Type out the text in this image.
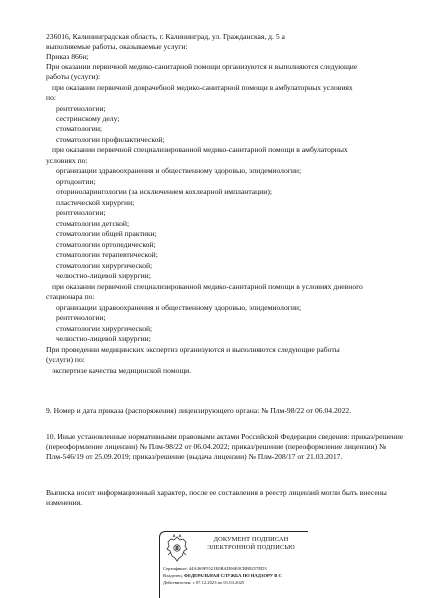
236016, Калининградская область, г. Калининград, ул. Гражданская, д. 5 а
выполняемые работы, оказываемые услуги:
Приказ 866н;
При оказании первичной медико-санитарной помощи организуются и выполняются следующие
работы (услуги):
при оказании первичной доврачебной медико-санитарной помощи в амбулаторных условиях
по:
рентгенологии;
сестринскому делу;
стоматологии;
стоматологии профилактической;
при оказании первичной специализированной медико-санитарной помощи в амбулаторных
условиях по:
организации здравоохранения и общественному здоровью, эпидемиологии;
ортодонтии;
оториноларингологии (за исключением кохлеарной имплантации);
пластической хирургии;
рентгенологии;
стоматологии детской;
стоматологии общей практики;
стоматологии ортопедической;
стоматологии терапевтической;
стоматологии хирургической;
челюстно-лицевой хирургии;
при оказании первичной специализированной медико-санитарной помощи в условиях дневного
стационара по:
организации здравоохранения и общественному здоровью, эпидемиологии;
рентгенологии;
стоматологии хирургической;
челюстно-лицевой хирургии;
При проведении медицинских экспертиз организуются и выполняются следующие работы
(услуги) по:
экспертизе качества медицинской помощи.
9. Номер и дата приказа (распоряжения) лицензирующего органа: № Плм-98/22 от 06.04.2022.
10. Иные установленные нормативными правовыми актами Российской Федерации сведения: приказ/решение (переоформление лицензии) № Плм-98/22 от 06.04.2022; приказ/решение (переоформление лицензии) № Плм-546/19 от 25.09.2019; приказ/решение (выдача лицензии) № Плм-208/17 от 21.03.2017.
Выписка носит информационный характер, после ее составления в реестр лицензий могли быть внесены изменения.
ДОКУМЕНТ ПОДПИСАН
ЭЛЕКТРОННОЙ ПОДПИСЬЮ
Сертификат: 44A369F5521E0BAD06E0CBB8257ED3
Владелец: ФЕДЕРАЛЬНАЯ СЛУЖБА ПО НАДЗОРУ В С
Действителен: с 07.12.2023 по 01.03.2025
